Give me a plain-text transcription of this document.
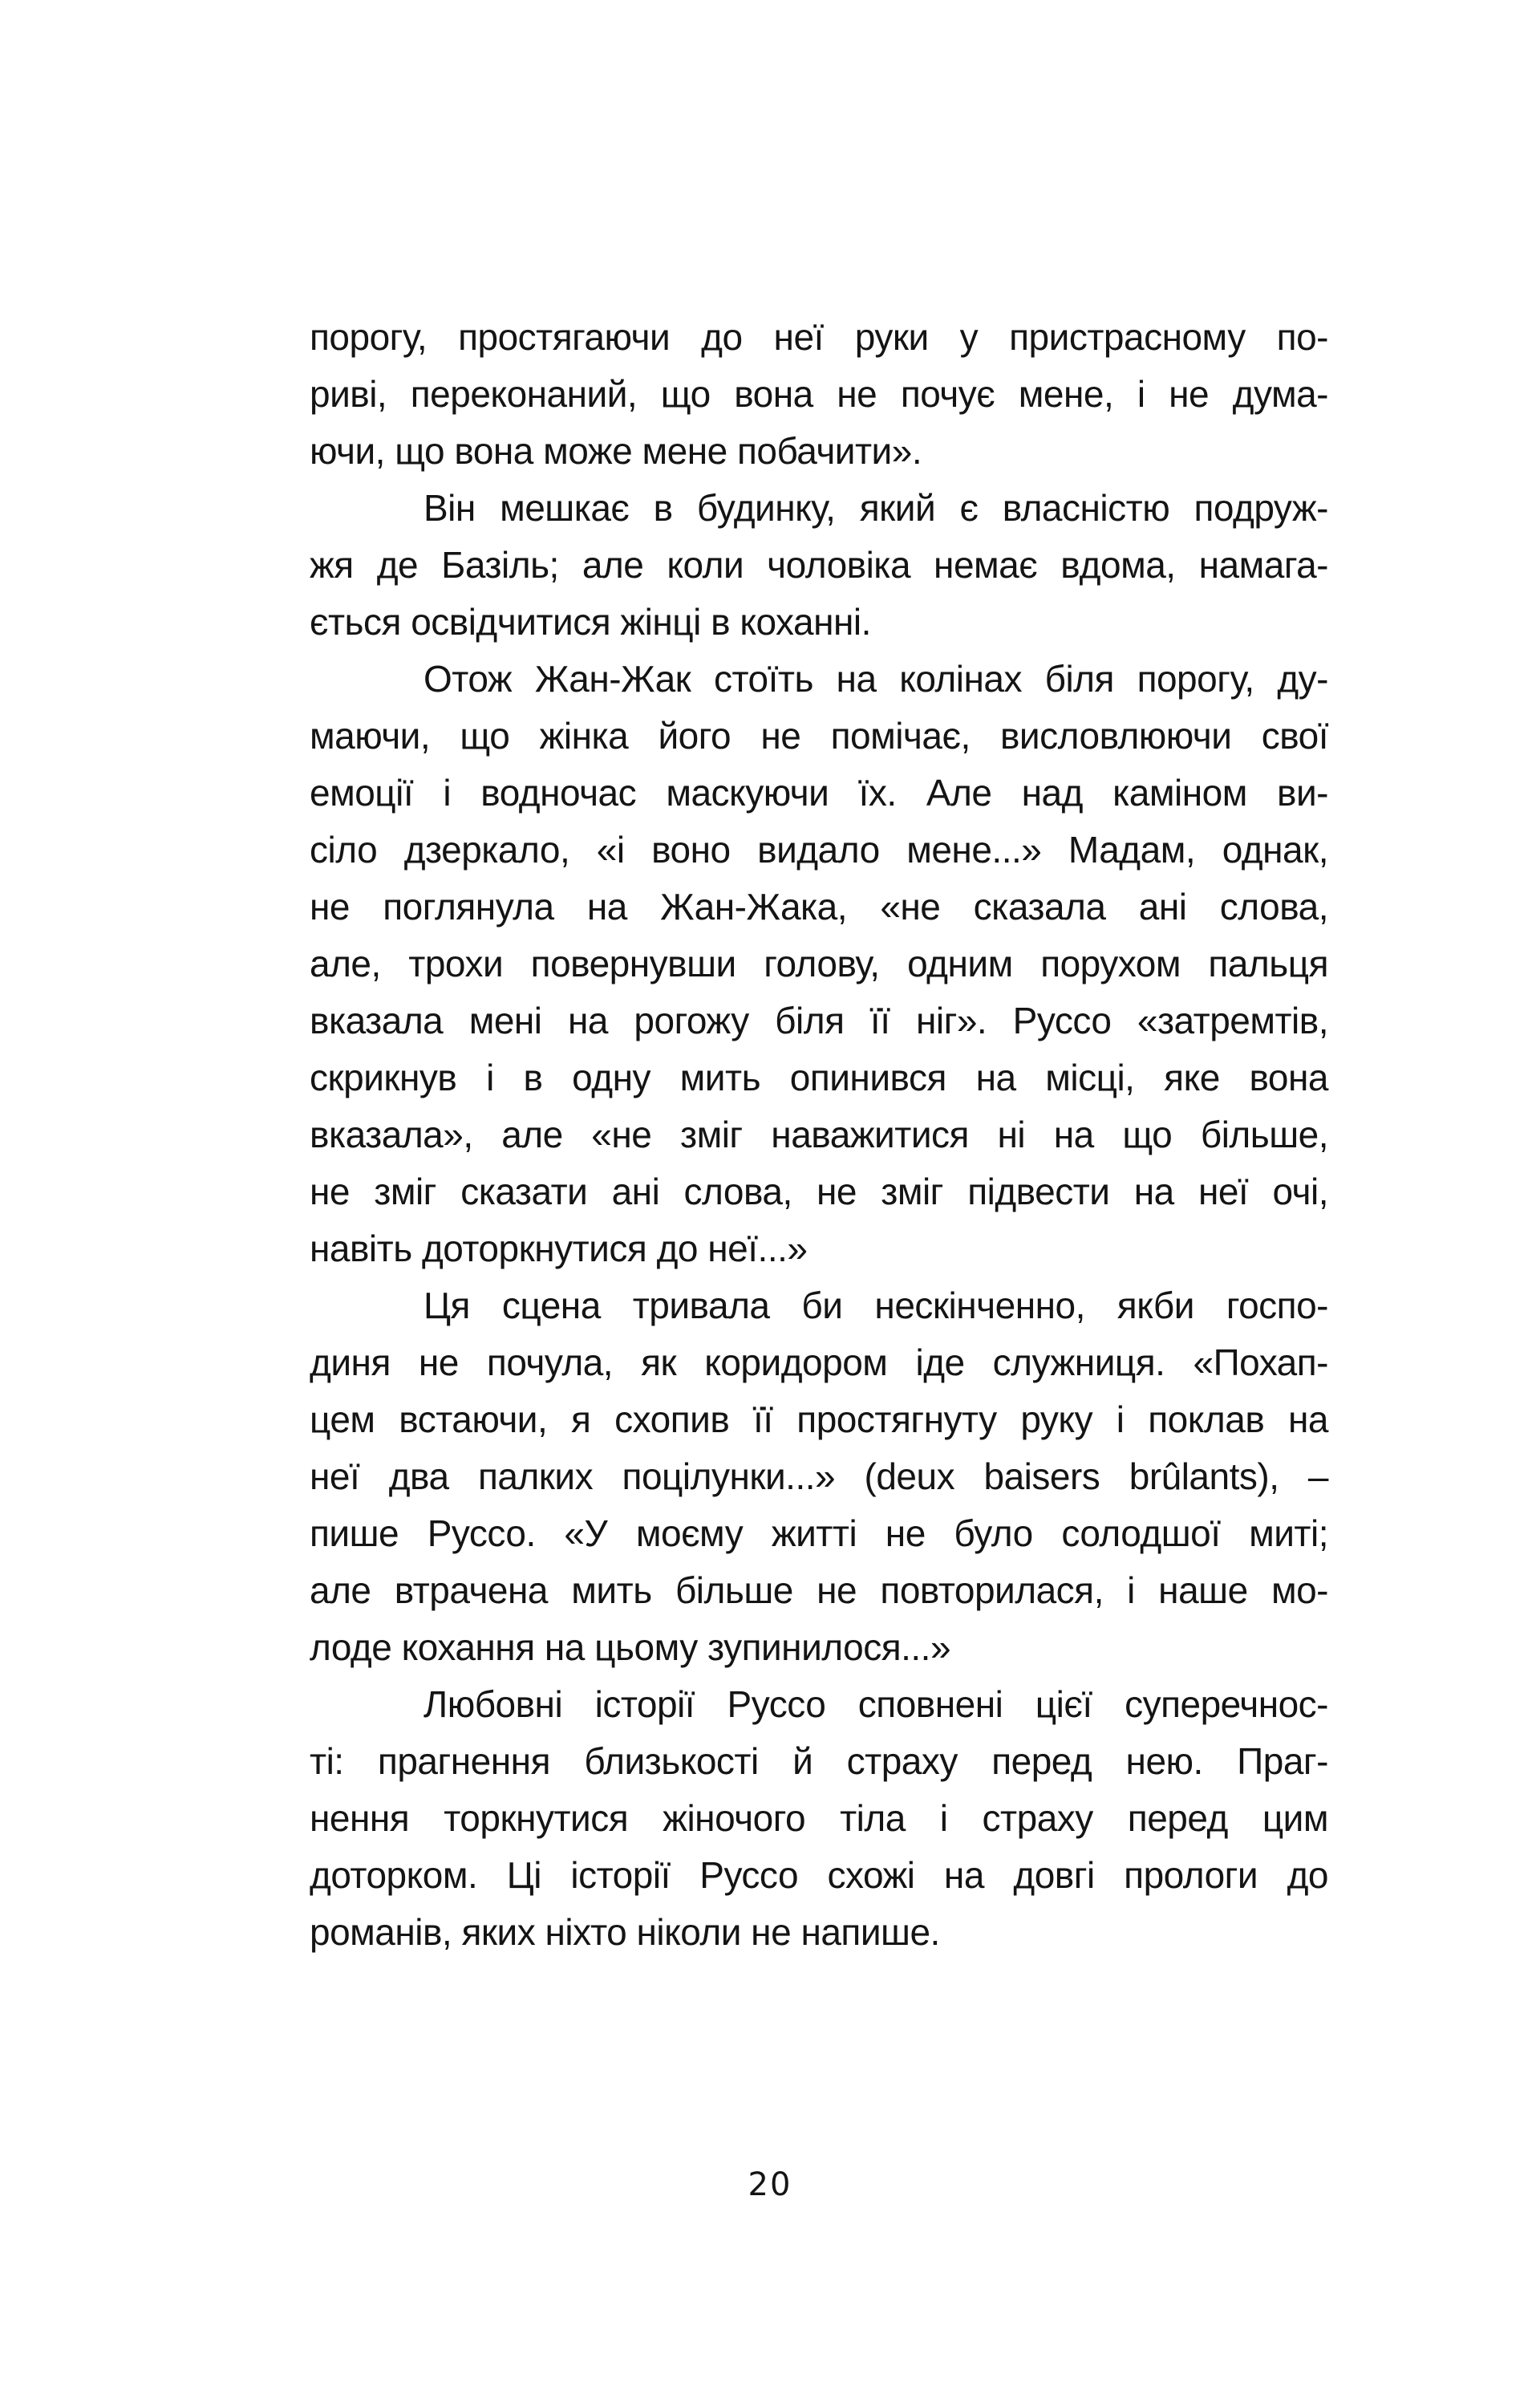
порогу, простягаючи до неї руки у пристрасному по-
риві, переконаний, що вона не почує мене, і не дума-
ючи, що вона може мене побачити».
Він мешкає в будинку, який є власністю подруж-
жя де Базіль; але коли чоловіка немає вдома, намага-
ється освідчитися жінці в коханні.
Отож Жан-Жак стоїть на колінах біля порогу, ду-
маючи, що жінка його не помічає, висловлюючи свої
емоції і водночас маскуючи їх. Але над каміном ви-
сіло дзеркало, «і воно видало мене...» Мадам, однак,
не поглянула на Жан-Жака, «не сказала ані слова,
але, трохи повернувши голову, одним порухом пальця
вказала мені на рогожу біля її ніг». Руссо «затремтів,
скрикнув і в одну мить опинився на місці, яке вона
вказала», але «не зміг наважитися ні на що більше,
не зміг сказати ані слова, не зміг підвести на неї очі,
навіть доторкнутися до неї...»
Ця сцена тривала би нескінченно, якби госпо-
диня не почула, як коридором іде служниця. «Похап-
цем встаючи, я схопив її простягнуту руку і поклав на
неї два палких поцілунки...» (deux baisers brûlants), –
пише Руссо. «У моєму житті не було солодшої миті;
але втрачена мить більше не повторилася, і наше мо-
лоде кохання на цьому зупинилося...»
Любовні історії Руссо сповнені цієї суперечнос-
ті: прагнення близькості й страху перед нею. Праг-
нення торкнутися жіночого тіла і страху перед цим
доторком. Ці історії Руссо схожі на довгі прологи до
романів, яких ніхто ніколи не напише.
20
